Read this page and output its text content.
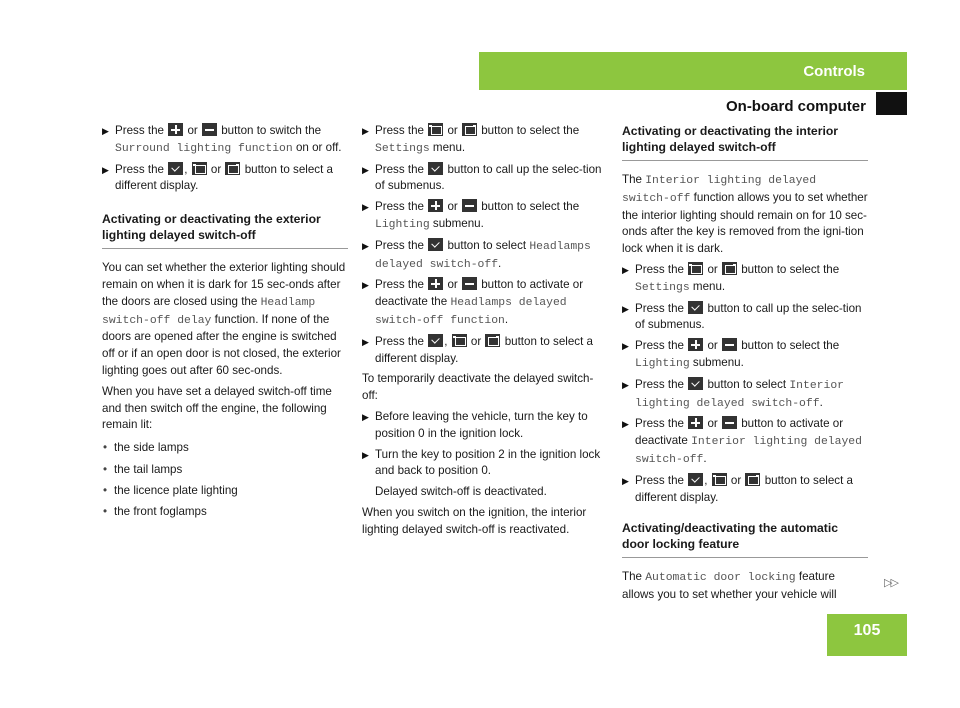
Controls
On-board computer
▶ Press the or button to switch the Surround lighting function on or off.
▶ Press the ,  or button to select a different display.
Activating or deactivating the exterior lighting delayed switch-off
You can set whether the exterior lighting should remain on when it is dark for 15 sec-onds after the doors are closed using the Headlamp switch-off delay function. If none of the doors are opened after the engine is switched off or if an open door is not closed, the exterior lighting goes out after 60 sec-onds.
When you have set a delayed switch-off time and then switch off the engine, the following remain lit:
• the side lamps
• the tail lamps
• the licence plate lighting
• the front foglamps
▶ Press the or button to select the Settings menu.
▶ Press the button to call up the selec-tion of submenus.
▶ Press the or button to select the Lighting submenu.
▶ Press the button to select Headlamps delayed switch-off.
▶ Press the or button to activate or deactivate the Headlamps delayed switch-off function.
▶ Press the ,  or button to select a different display.
To temporarily deactivate the delayed switch-off:
▶ Before leaving the vehicle, turn the key to position 0 in the ignition lock.
▶ Turn the key to position 2 in the ignition lock and back to position 0.
Delayed switch-off is deactivated.
When you switch on the ignition, the interior lighting delayed switch-off is reactivated.
Activating or deactivating the interior lighting delayed switch-off
The Interior lighting delayed switch-off function allows you to set whether the interior lighting should remain on for 10 sec-onds after the key is removed from the igni-tion lock when it is dark.
▶ Press the or button to select the Settings menu.
▶ Press the button to call up the selec-tion of submenus.
▶ Press the or button to select the Lighting submenu.
▶ Press the button to select Interior lighting delayed switch-off.
▶ Press the or button to activate or deactivate Interior lighting delayed switch-off.
▶ Press the ,  or button to select a different display.
Activating/deactivating the automatic door locking feature
The Automatic door locking feature allows you to set whether your vehicle will
▷▷
105
